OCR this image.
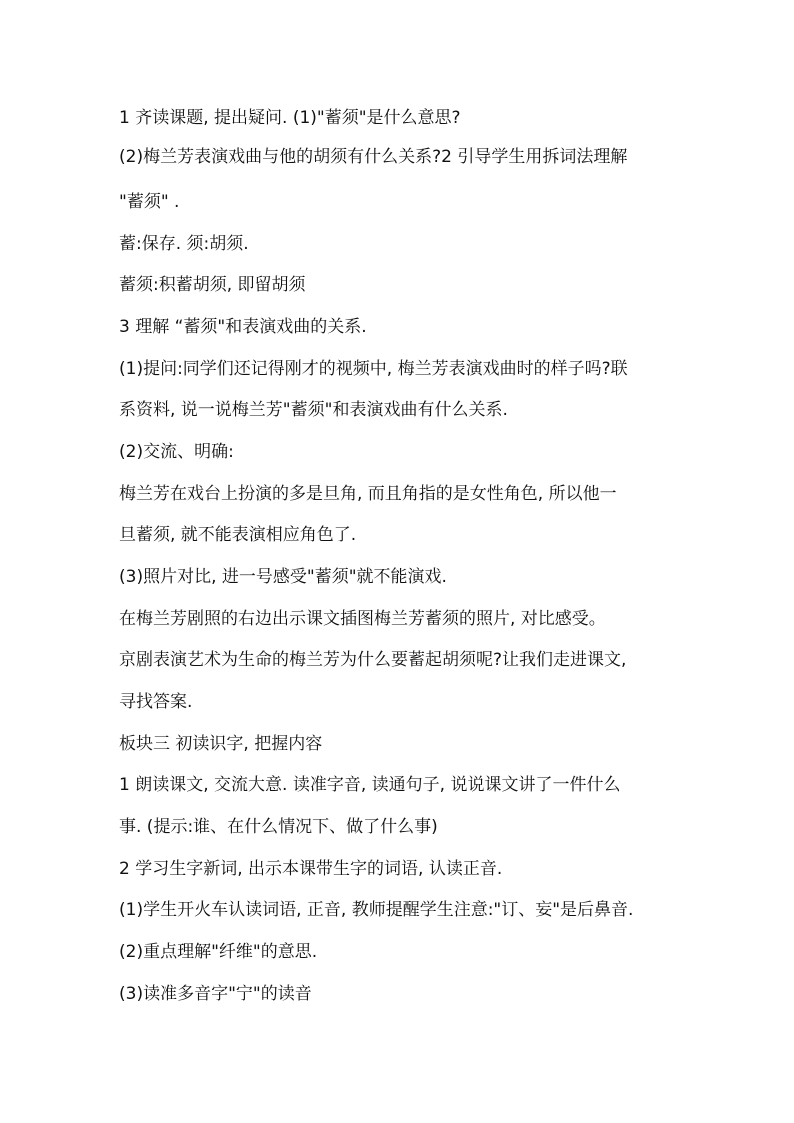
1 齐读课题, 提出疑问. (1)"蓄须"是什么意思?
(2)梅兰芳表演戏曲与他的胡须有什么关系?2 引导学生用拆词法理解
"蓄须" .
蓄:保存. 须:胡须.
蓄须:积蓄胡须, 即留胡须
3 理解 “蓄须"和表演戏曲的关系.
(1)提问:同学们还记得刚才的视频中, 梅兰芳表演戏曲时的样子吗?联
系资料, 说一说梅兰芳"蓄须"和表演戏曲有什么关系.
(2)交流、明确:
梅兰芳在戏台上扮演的多是旦角, 而且角指的是女性角色, 所以他一
旦蓄须, 就不能表演相应角色了.
(3)照片对比, 进一号感受"蓄须"就不能演戏.
在梅兰芳剧照的右边出示课文插图梅兰芳蓄须的照片, 对比感受。
京剧表演艺术为生命的梅兰芳为什么要蓄起胡须呢?让我们走进课文,
寻找答案.
板块三 初读识字, 把握内容
1 朗读课文, 交流大意. 读准字音, 读通句子, 说说课文讲了一件什么
事. (提示:谁、在什么情况下、做了什么事)
2 学习生字新词, 出示本课带生字的词语, 认读正音.
(1)学生开火车认读词语, 正音, 教师提醒学生注意:"订、妄"是后鼻音.
(2)重点理解"纤维"的意思.
(3)读准多音字"宁"的读音
